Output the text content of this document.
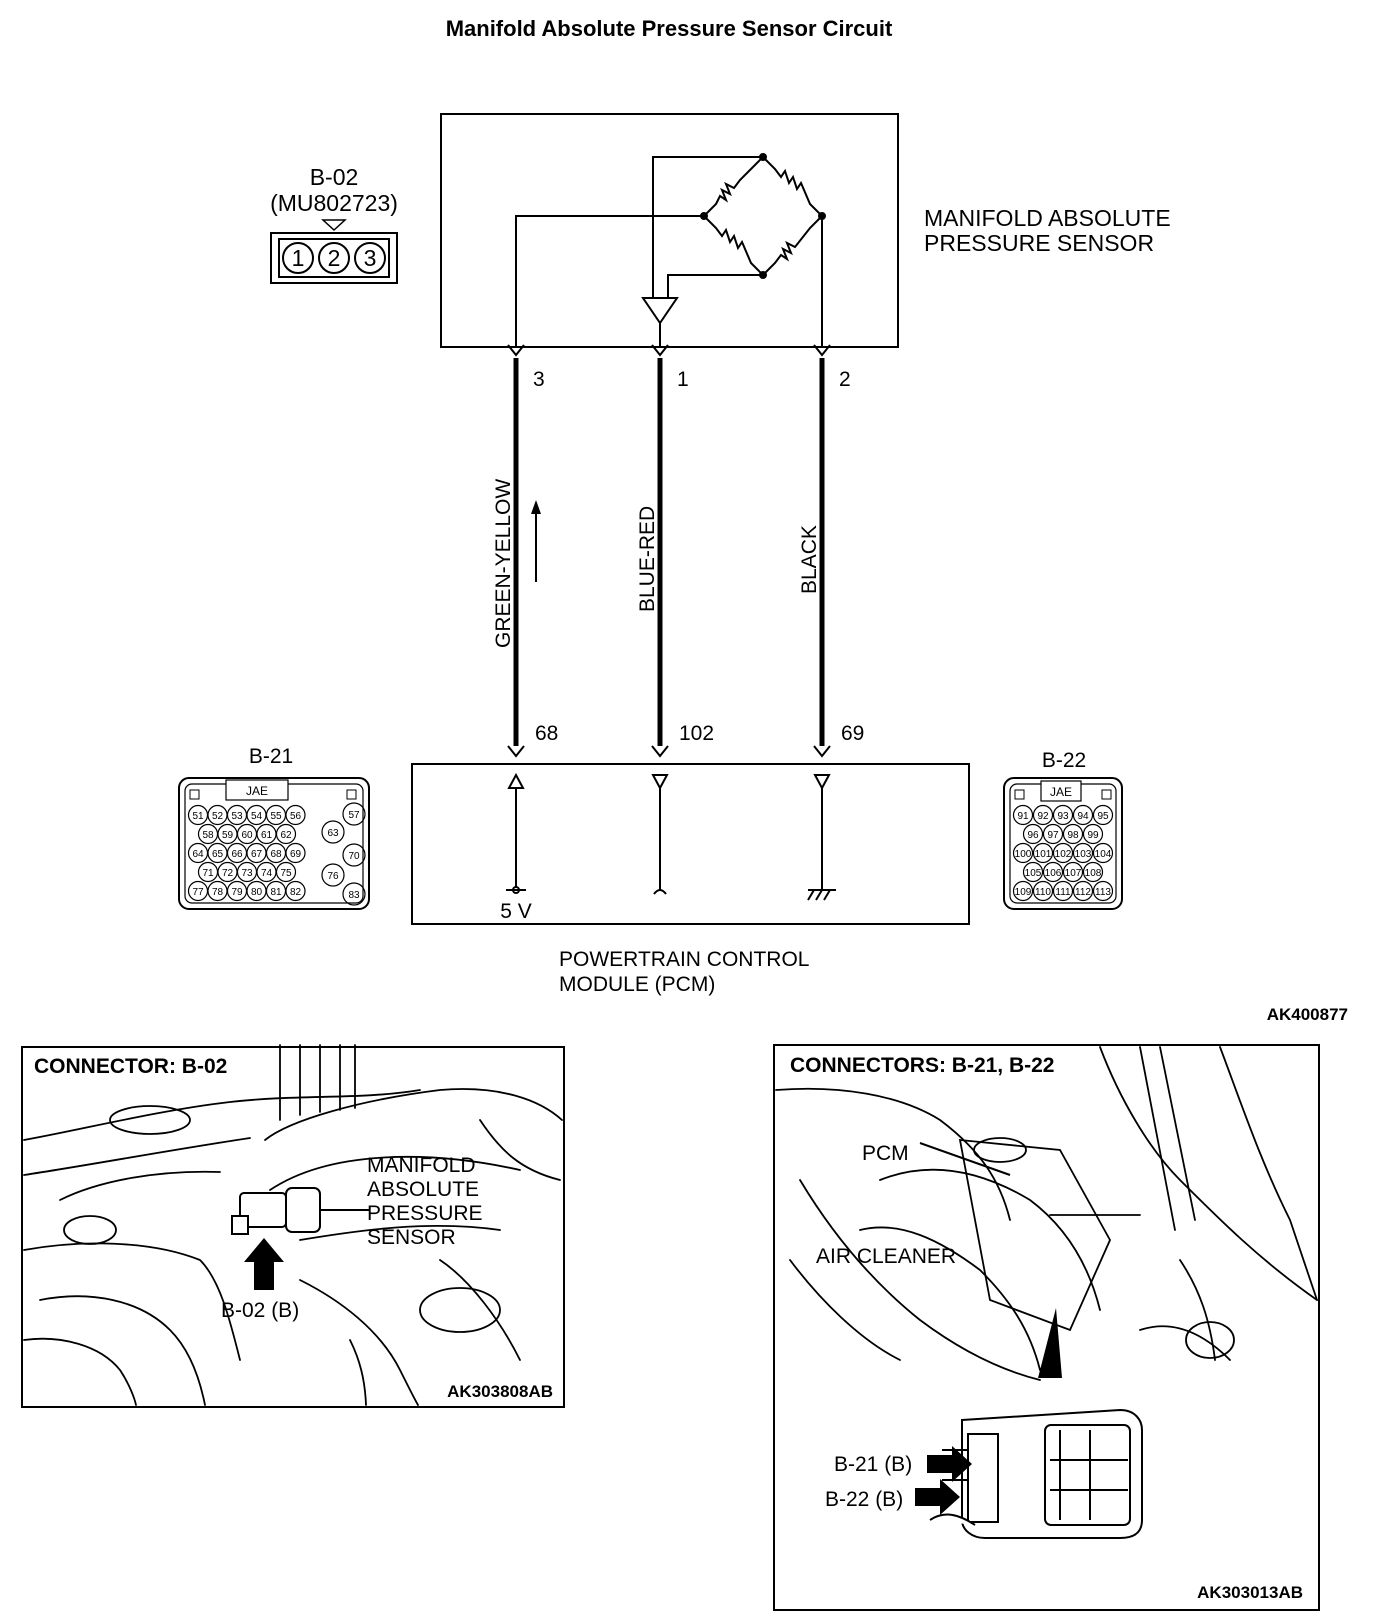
Manifold Absolute Pressure Sensor Circuit
MANIFOLD ABSOLUTE
PRESSURE SENSOR
B-02
(MU802723)
1 2 3
3	1	2
GREEN-YELLOW	BLUE-RED	BLACK
68	102	69
5 V
POWERTRAIN CONTROL
MODULE (PCM)
B-21
JAE
51 52 53 54 55 56
58 59 60 61 62
64 65 66 67 68 69
71 72 73 74 75
77 78 79 80 81 82
57
63
70
76
83
B-22
JAE
91 92 93 94 95
96 97 98 99
100 101 102 103 104
105 106 107 108
109 110 111 112 113
AK400877
CONNECTOR: B-02
MANIFOLD
ABSOLUTE
PRESSURE
SENSOR
B-02 (B)
AK303808AB
CONNECTORS: B-21, B-22
PCM
AIR CLEANER
B-21 (B)
B-22 (B)
AK303013AB
